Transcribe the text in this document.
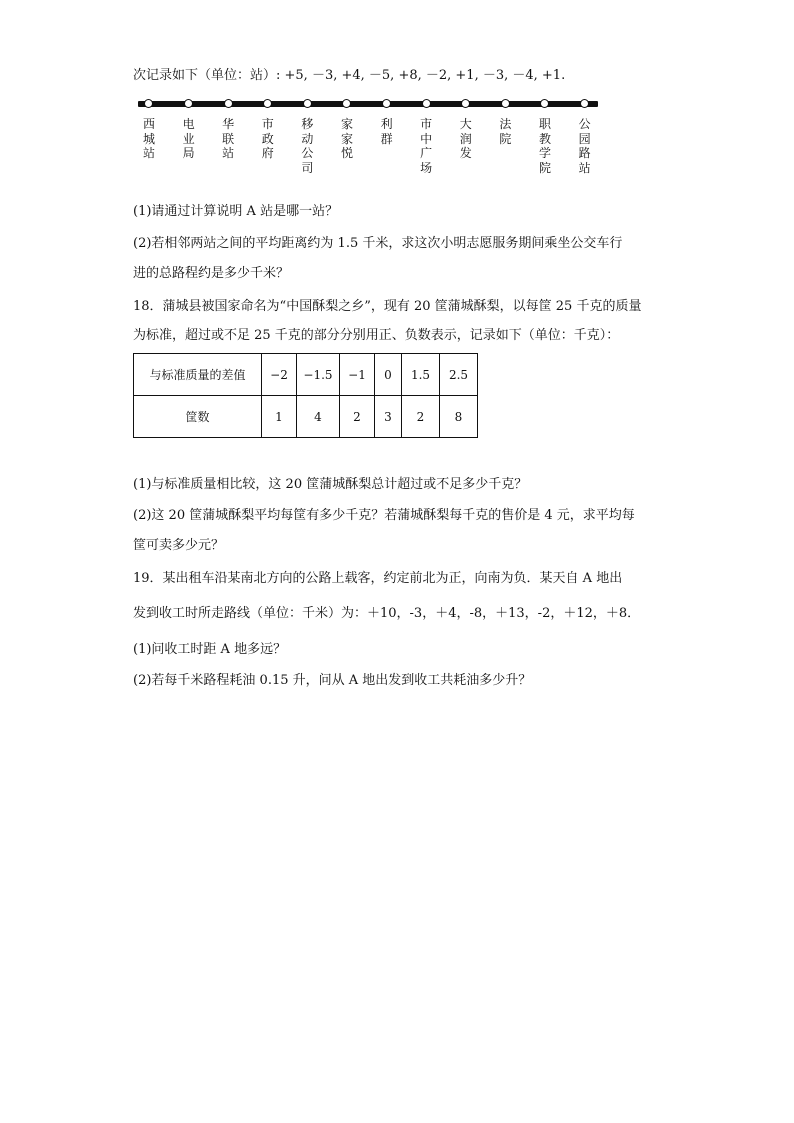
次记录如下（单位：站）: +5, －3, +4, －5, +8, －2, +1, －3, －4, +1.
西城站
电业局
华联站
市政府
移动公司
家家悦
利群
市中广场
大润发
法院
职教学院
公园路站
(1)请通过计算说明 A 站是哪一站？
(2)若相邻两站之间的平均距离约为 1.5 千米，求这次小明志愿服务期间乘坐公交车行
进的总路程约是多少千米？
18．蒲城县被国家命名为“中国酥梨之乡”，现有 20 筐蒲城酥梨，以每筐 25 千克的质量
为标准，超过或不足 25 千克的部分分别用正、负数表示，记录如下（单位：千克）：
与标准质量的差值	−2	−1.5	−1	0	1.5	2.5
筐数	1	4	2	3	2	8
(1)与标准质量相比较，这 20 筐蒲城酥梨总计超过或不足多少千克？
(2)这 20 筐蒲城酥梨平均每筐有多少千克？若蒲城酥梨每千克的售价是 4 元，求平均每
筐可卖多少元？
19．某出租车沿某南北方向的公路上载客，约定前北为正，向南为负．某天自 A 地出
发到收工时所走路线（单位：千米）为：＋10，-3，＋4，-8，＋13，-2，＋12，＋8．
(1)问收工时距 A 地多远？
(2)若每千米路程耗油 0.15 升，问从 A 地出发到收工共耗油多少升？
